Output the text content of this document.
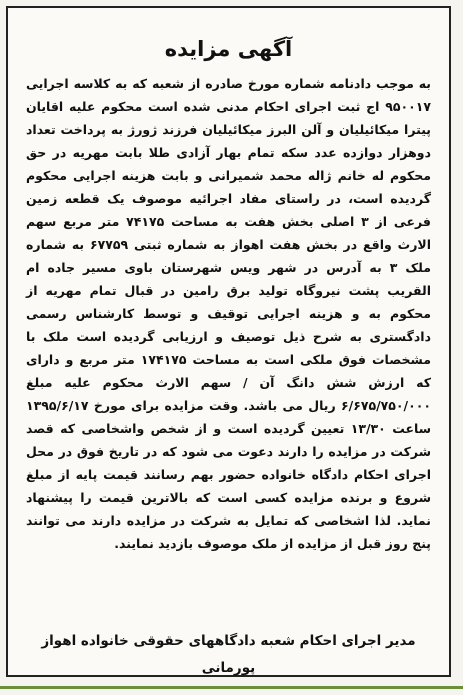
آگهی مزایده
به موجب دادنامه شماره مورخ صادره از شعبه که به کلاسه اجرایی ۹۵۰۰۱۷ اج ثبت اجرای احکام مدنی شده است محکوم علیه اقایان پیترا میکائیلیان و آلن البرز میکائیلیان فرزند ژورژ به پرداخت تعداد دوهزار دوازده عدد سکه تمام بهار آزادی طلا بابت مهریه در حق محکوم له خانم ژاله محمد شمیرانی و بابت هزینه اجرایی محکوم گردیده است، در راستای مفاد اجرائیه موصوف یک قطعه زمین فرعی از ۳ اصلی بخش هفت به مساحت ۷۴۱۷۵ متر مربع سهم الارث واقع در بخش هفت اهواز به شماره ثبتی ۶۷۷۵۹ به شماره ملک ۳ به آدرس در شهر ویس شهرستان باوی مسیر جاده ام القریب پشت نیروگاه تولید برق رامین در قبال تمام مهریه از محکوم به و هزینه اجرایی توقیف و توسط کارشناس رسمی دادگستری به شرح ذیل توصیف و ارزیابی گردیده است ملک با مشخصات فوق ملکی است به مساحت ۱۷۴۱۷۵ متر مربع و دارای که ارزش شش دانگ آن / سهم الارث محکوم علیه مبلغ ۶/۶۷۵/۷۵۰/۰۰۰ ریال می باشد. وقت مزایده برای مورخ ۱۳۹۵/۶/۱۷ ساعت ۱۳/۳۰ تعیین گردیده است و از شخص واشخاصی که قصد شرکت در مزایده را دارند دعوت می شود که در تاریخ فوق در محل اجرای احکام دادگاه خانواده حضور بهم رسانند قیمت پایه از مبلغ شروع و برنده مزایده کسی است که بالاترین قیمت را پیشنهاد نماید. لذا اشخاصی که تمایل به شرکت در مزایده دارند می توانند پنج روز قبل از مزایده از ملک موصوف بازدید نمایند.
مدیر اجرای احکام شعبه دادگاههای حقوقی خانواده اهواز
پورمانی
